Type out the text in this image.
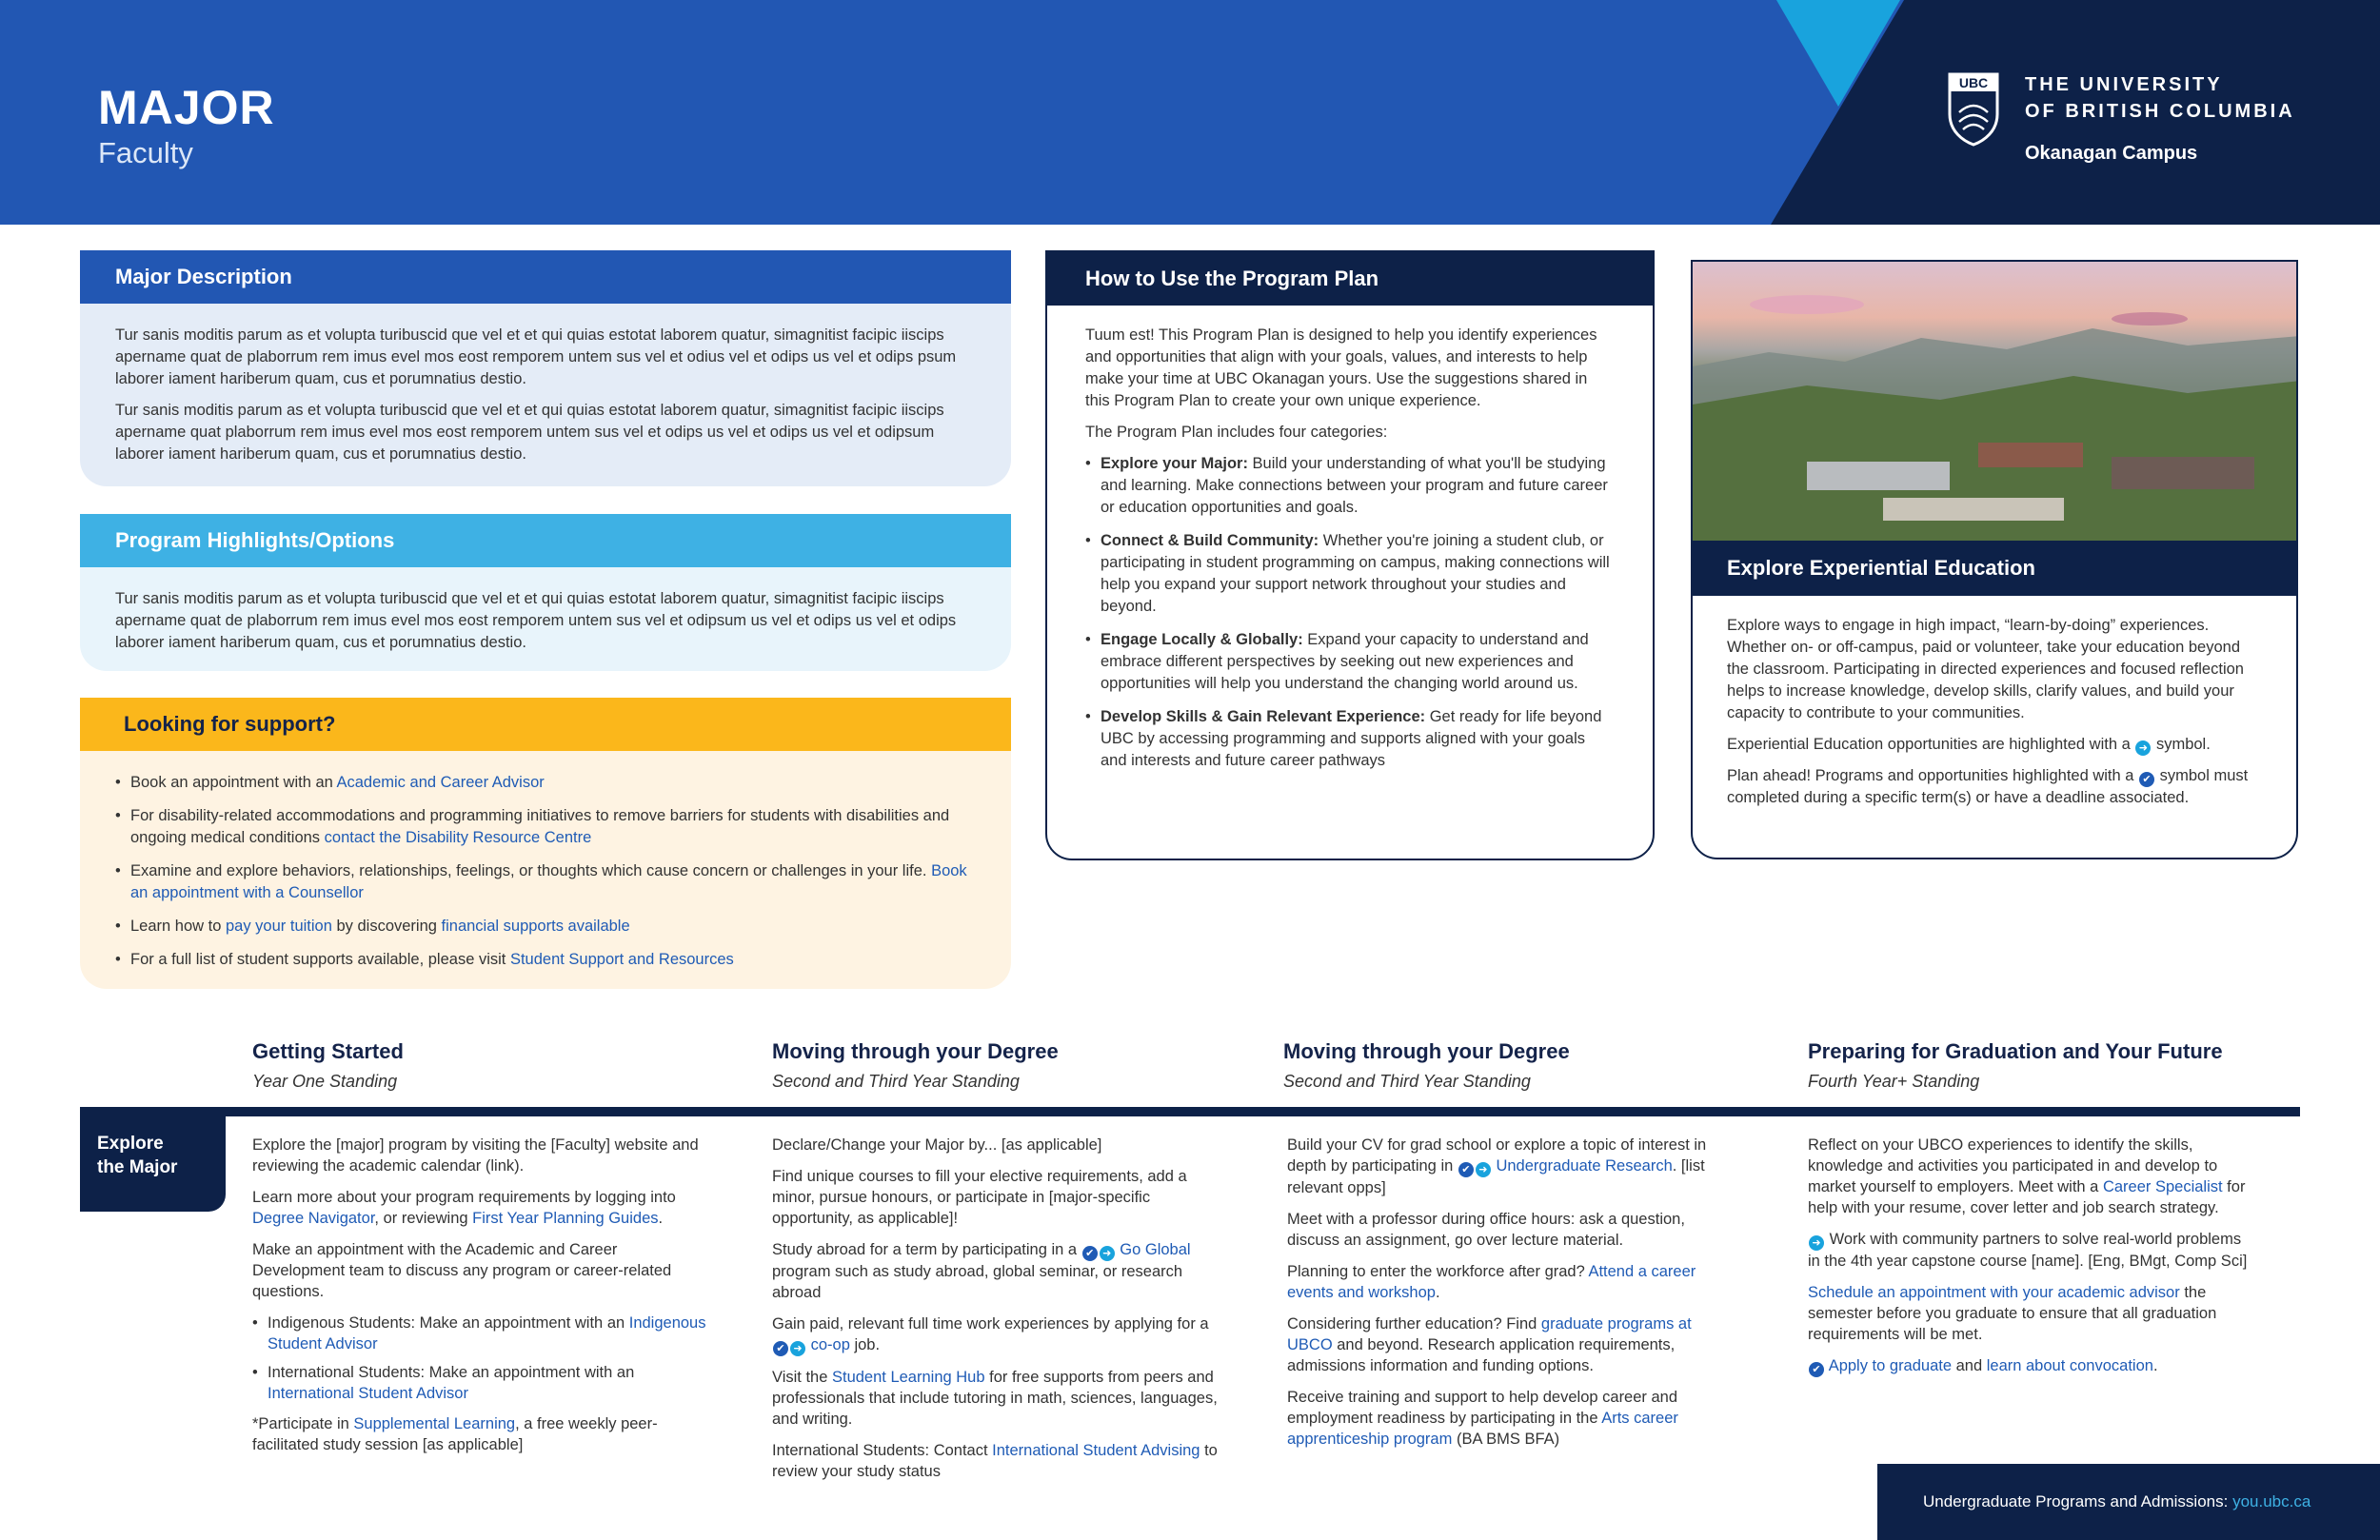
MAJOR
Faculty
UBC THE UNIVERSITY
OF BRITISH COLUMBIA
Okanagan Campus
Major Description

Tur sanis moditis parum as et volupta turibuscid que vel et et qui quias estotat laborem quatur, simagnitist facipic iiscips apername quat de plaborrum rem imus evel mos eost remporem untem sus vel et odius vel et odips us vel et odips psum laborer iament hariberum quam, cus et porumnatius destio.

Tur sanis moditis parum as et volupta turibuscid que vel et et qui quias estotat laborem quatur, simagnitist facipic iiscips apername quat plaborrum rem imus evel mos eost remporem untem sus vel et odips us vel et odips us vel et odipsum laborer iament hariberum quam, cus et porumnatius destio.

Program Highlights/Options

Tur sanis moditis parum as et volupta turibuscid que vel et et qui quias estotat laborem quatur, simagnitist facipic iiscips apername quat de plaborrum rem imus evel mos eost remporem untem sus vel et odipsum us vel et odips us vel et odips laborer iament hariberum quam, cus et porumnatius destio.

Looking for support?
• Book an appointment with an Academic and Career Advisor
• For disability-related accommodations and programming initiatives to remove barriers for students with disabilities and ongoing medical conditions contact the Disability Resource Centre
• Examine and explore behaviors, relationships, feelings, or thoughts which cause concern or challenges in your life. Book an appointment with a Counsellor
• Learn how to pay your tuition by discovering financial supports available
• For a full list of student supports available, please visit Student Support and Resources
How to Use the Program Plan

Tuum est! This Program Plan is designed to help you identify experiences and opportunities that align with your goals, values, and interests to help make your time at UBC Okanagan yours. Use the suggestions shared in this Program Plan to create your own unique experience.

The Program Plan includes four categories:

• Explore your Major: Build your understanding of what you'll be studying and learning. Make connections between your program and future career or education opportunities and goals.
• Connect & Build Community: Whether you're joining a student club, or participating in student programming on campus, making connections will help you expand your support network throughout your studies and beyond.
• Engage Locally & Globally: Expand your capacity to understand and embrace different perspectives by seeking out new experiences and opportunities will help you understand the changing world around us.
• Develop Skills & Gain Relevant Experience: Get ready for life beyond UBC by accessing programming and supports aligned with your goals and interests and future career pathways
Explore Experiential Education

Explore ways to engage in high impact, “learn-by-doing” experiences. Whether on- or off-campus, paid or volunteer, take your education beyond the classroom. Participating in directed experiences and focused reflection helps to increase knowledge, develop skills, clarify values, and build your capacity to contribute to your communities.

Experiential Education opportunities are highlighted with a ➜ symbol.

Plan ahead! Programs and opportunities highlighted with a ✔ symbol must completed during a specific term(s) or have a deadline associated.

Getting Started
Year One Standing
Moving through your Degree
Second and Third Year Standing
Moving through your Degree
Second and Third Year Standing
Preparing for Graduation and Your Future
Fourth Year+ Standing
Explore
the Major

Explore the [major] program by visiting the [Faculty] website and reviewing the academic calendar (link).

Learn more about your program requirements by logging into Degree Navigator, or reviewing First Year Planning Guides.

Make an appointment with the Academic and Career Development team to discuss any program or career-related questions.

• Indigenous Students: Make an appointment with an Indigenous Student Advisor
• International Students: Make an appointment with an International Student Advisor

*Participate in Supplemental Learning, a free weekly peer-facilitated study session [as applicable]

Declare/Change your Major by... [as applicable]

Find unique courses to fill your elective requirements, add a minor, pursue honours, or participate in [major-specific opportunity, as applicable]!

Study abroad for a term by participating in a ✔ ➜ Go Global program such as study abroad, global seminar, or research abroad

Gain paid, relevant full time work experiences by applying for a ✔ ➜ co-op job.

Visit the Student Learning Hub for free supports from peers and professionals that include tutoring in math, sciences, languages, and writing.

International Students: Contact International Student Advising to review your study status

Build your CV for grad school or explore a topic of interest in depth by participating in ✔ ➜ Undergraduate Research. [list relevant opps]

Meet with a professor during office hours: ask a question, discuss an assignment, go over lecture material.

Planning to enter the workforce after grad? Attend a career events and workshop.

Considering further education? Find graduate programs at UBCO and beyond. Research application requirements, admissions information and funding options.

Receive training and support to help develop career and employment readiness by participating in the Arts career apprenticeship program (BA BMS BFA)

Reflect on your UBCO experiences to identify the skills, knowledge and activities you participated in and develop to market yourself to employers. Meet with a Career Specialist for help with your resume, cover letter and job search strategy.

➜ Work with community partners to solve real-world problems in the 4th year capstone course [name]. [Eng, BMgt, Comp Sci]

Schedule an appointment with your academic advisor the semester before you graduate to ensure that all graduation requirements will be met.

✔ Apply to graduate and learn about convocation.

Undergraduate Programs and Admissions: you.ubc.ca
